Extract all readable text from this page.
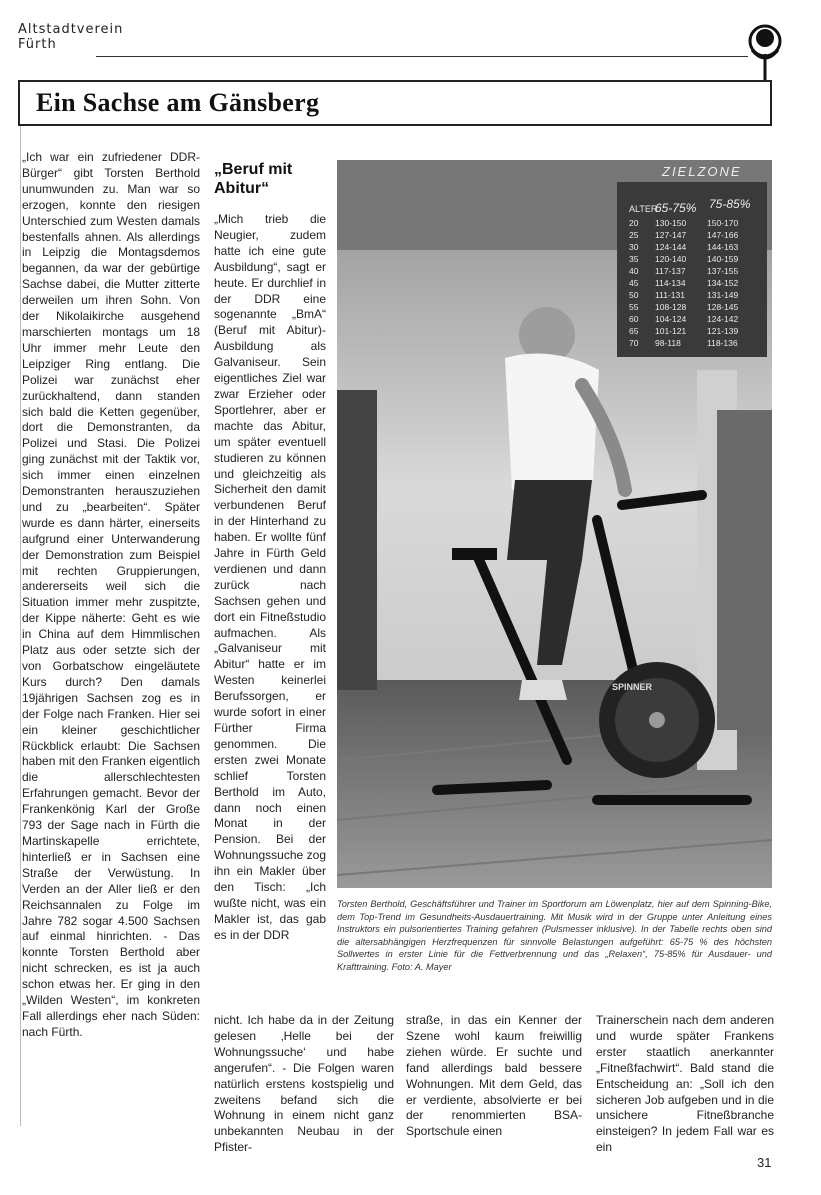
Altstadtverein
Fürth
Ein Sachse am Gänsberg

„Ich war ein zufriedener DDR-Bürger“ gibt Torsten Berthold unumwunden zu. Man war so erzogen, konnte den riesigen Unterschied zum Westen damals bestenfalls ahnen. Als allerdings in Leipzig die Montagsdemos begannen, da war der gebürtige Sachse dabei, die Mutter zitterte derweilen um ihren Sohn. Von der Nikolaikirche ausgehend marschierten montags um 18 Uhr immer mehr Leute den Leipziger Ring entlang. Die Polizei war zunächst eher zurückhaltend, dann standen sich bald die Ketten gegenüber, dort die Demonstranten, da Polizei und Stasi. Die Polizei ging zunächst mit der Taktik vor, sich immer einen einzelnen Demonstranten herauszuziehen und zu „bearbeiten“. Später wurde es dann härter, einerseits aufgrund einer Unterwanderung der Demonstration zum Beispiel mit rechten Gruppierungen, andererseits weil sich die Situation immer mehr zuspitzte, der Kippe näherte: Geht es wie in China auf dem Himmlischen Platz aus oder setzte sich der von Gorbatschow eingeläutete Kurs durch? Den damals 19jährigen Sachsen zog es in der Folge nach Franken. Hier sei ein kleiner geschichtlicher Rückblick erlaubt: Die Sachsen haben mit den Franken eigentlich die allerschlechtesten Erfahrungen gemacht. Bevor der Frankenkönig Karl der Große 793 der Sage nach in Fürth die Martinskapelle errichtete, hinterließ er in Sachsen eine Straße der Verwüstung. In Verden an der Aller ließ er den Reichsannalen zu Folge im Jahre 782 sogar 4.500 Sachsen auf einmal hinrichten. - Das konnte Torsten Berthold aber nicht schrecken, es ist ja auch schon etwas her. Er ging in den „Wilden Westen“, im konkreten Fall allerdings eher nach Süden: nach Fürth.

„Beruf mit Abitur“

„Mich trieb die Neugier, zudem hatte ich eine gute Ausbildung“, sagt er heute. Er durchlief in der DDR eine sogenannte „BmA“ (Beruf mit Abitur)-Ausbildung als Galvaniseur. Sein eigentliches Ziel war zwar Erzieher oder Sportlehrer, aber er machte das Abitur, um später eventuell studieren zu können und gleichzeitig als Sicherheit den damit verbundenen Beruf in der Hinterhand zu haben. Er wollte fünf Jahre in Fürth Geld verdienen und dann zurück nach Sachsen gehen und dort ein Fitneßstudio aufmachen. Als „Galvaniseur mit Abitur“ hatte er im Westen keinerlei Berufssorgen, er wurde sofort in einer Fürther Firma genommen. Die ersten zwei Monate schlief Torsten Berthold im Auto, dann noch einen Monat in der Pension. Bei der Wohnungssuche zog ihn ein Makler über den Tisch: „Ich wußte nicht, was ein Makler ist, das gab es in der DDR

ZIELZONE
ALTER
65-75% 75-85%
20 130-150 150-170
25 127-147 147-166
30 124-144 144-163
35 120-140 140-159
40 117-137	137-155
45 114-134	134-152
50 111-131	131-149
55 108-128 128-145
60 104-124 124-142
65 101-121 121-139
70 98-118	118-136
SPINNER
Torsten Berthold, Geschäftsführer und Trainer im Sportforum am Löwenplatz, hier auf dem Spinning-Bike, dem Top-Trend im Gesundheits-Ausdauertraining. Mit Musik wird in der Gruppe unter Anleitung eines Instruktors ein pulsorientiertes Training gefahren (Pulsmesser inklusive). In der Tabelle rechts oben sind die altersabhängigen Herzfrequenzen für sinnvolle Belastungen aufgeführt: 65-75 % des höchsten Sollwertes in erster Linie für die Fettverbrennung und das „Relaxen“, 75-85% für Ausdauer- und Krafttraining. Foto: A. Mayer

nicht. Ich habe da in der Zeitung gelesen ‚Helle bei der Wohnungssuche‘ und habe angerufen“. - Die Folgen waren natürlich erstens kostspielig und zweitens befand sich die Wohnung in einem nicht ganz unbekannten Neubau in der Pfister-

straße, in das ein Kenner der Szene wohl kaum freiwillig ziehen würde. Er suchte und fand allerdings bald bessere Wohnungen. Mit dem Geld, das er verdiente, absolvierte er bei der renommierten BSA-Sportschule einen

Trainerschein nach dem anderen und wurde später Frankens erster staatlich anerkannter „Fitneßfachwirt“. Bald stand die Entscheidung an: „Soll ich den sicheren Job aufgeben und in die unsichere Fitneßbranche einsteigen? In jedem Fall war es ein

31
